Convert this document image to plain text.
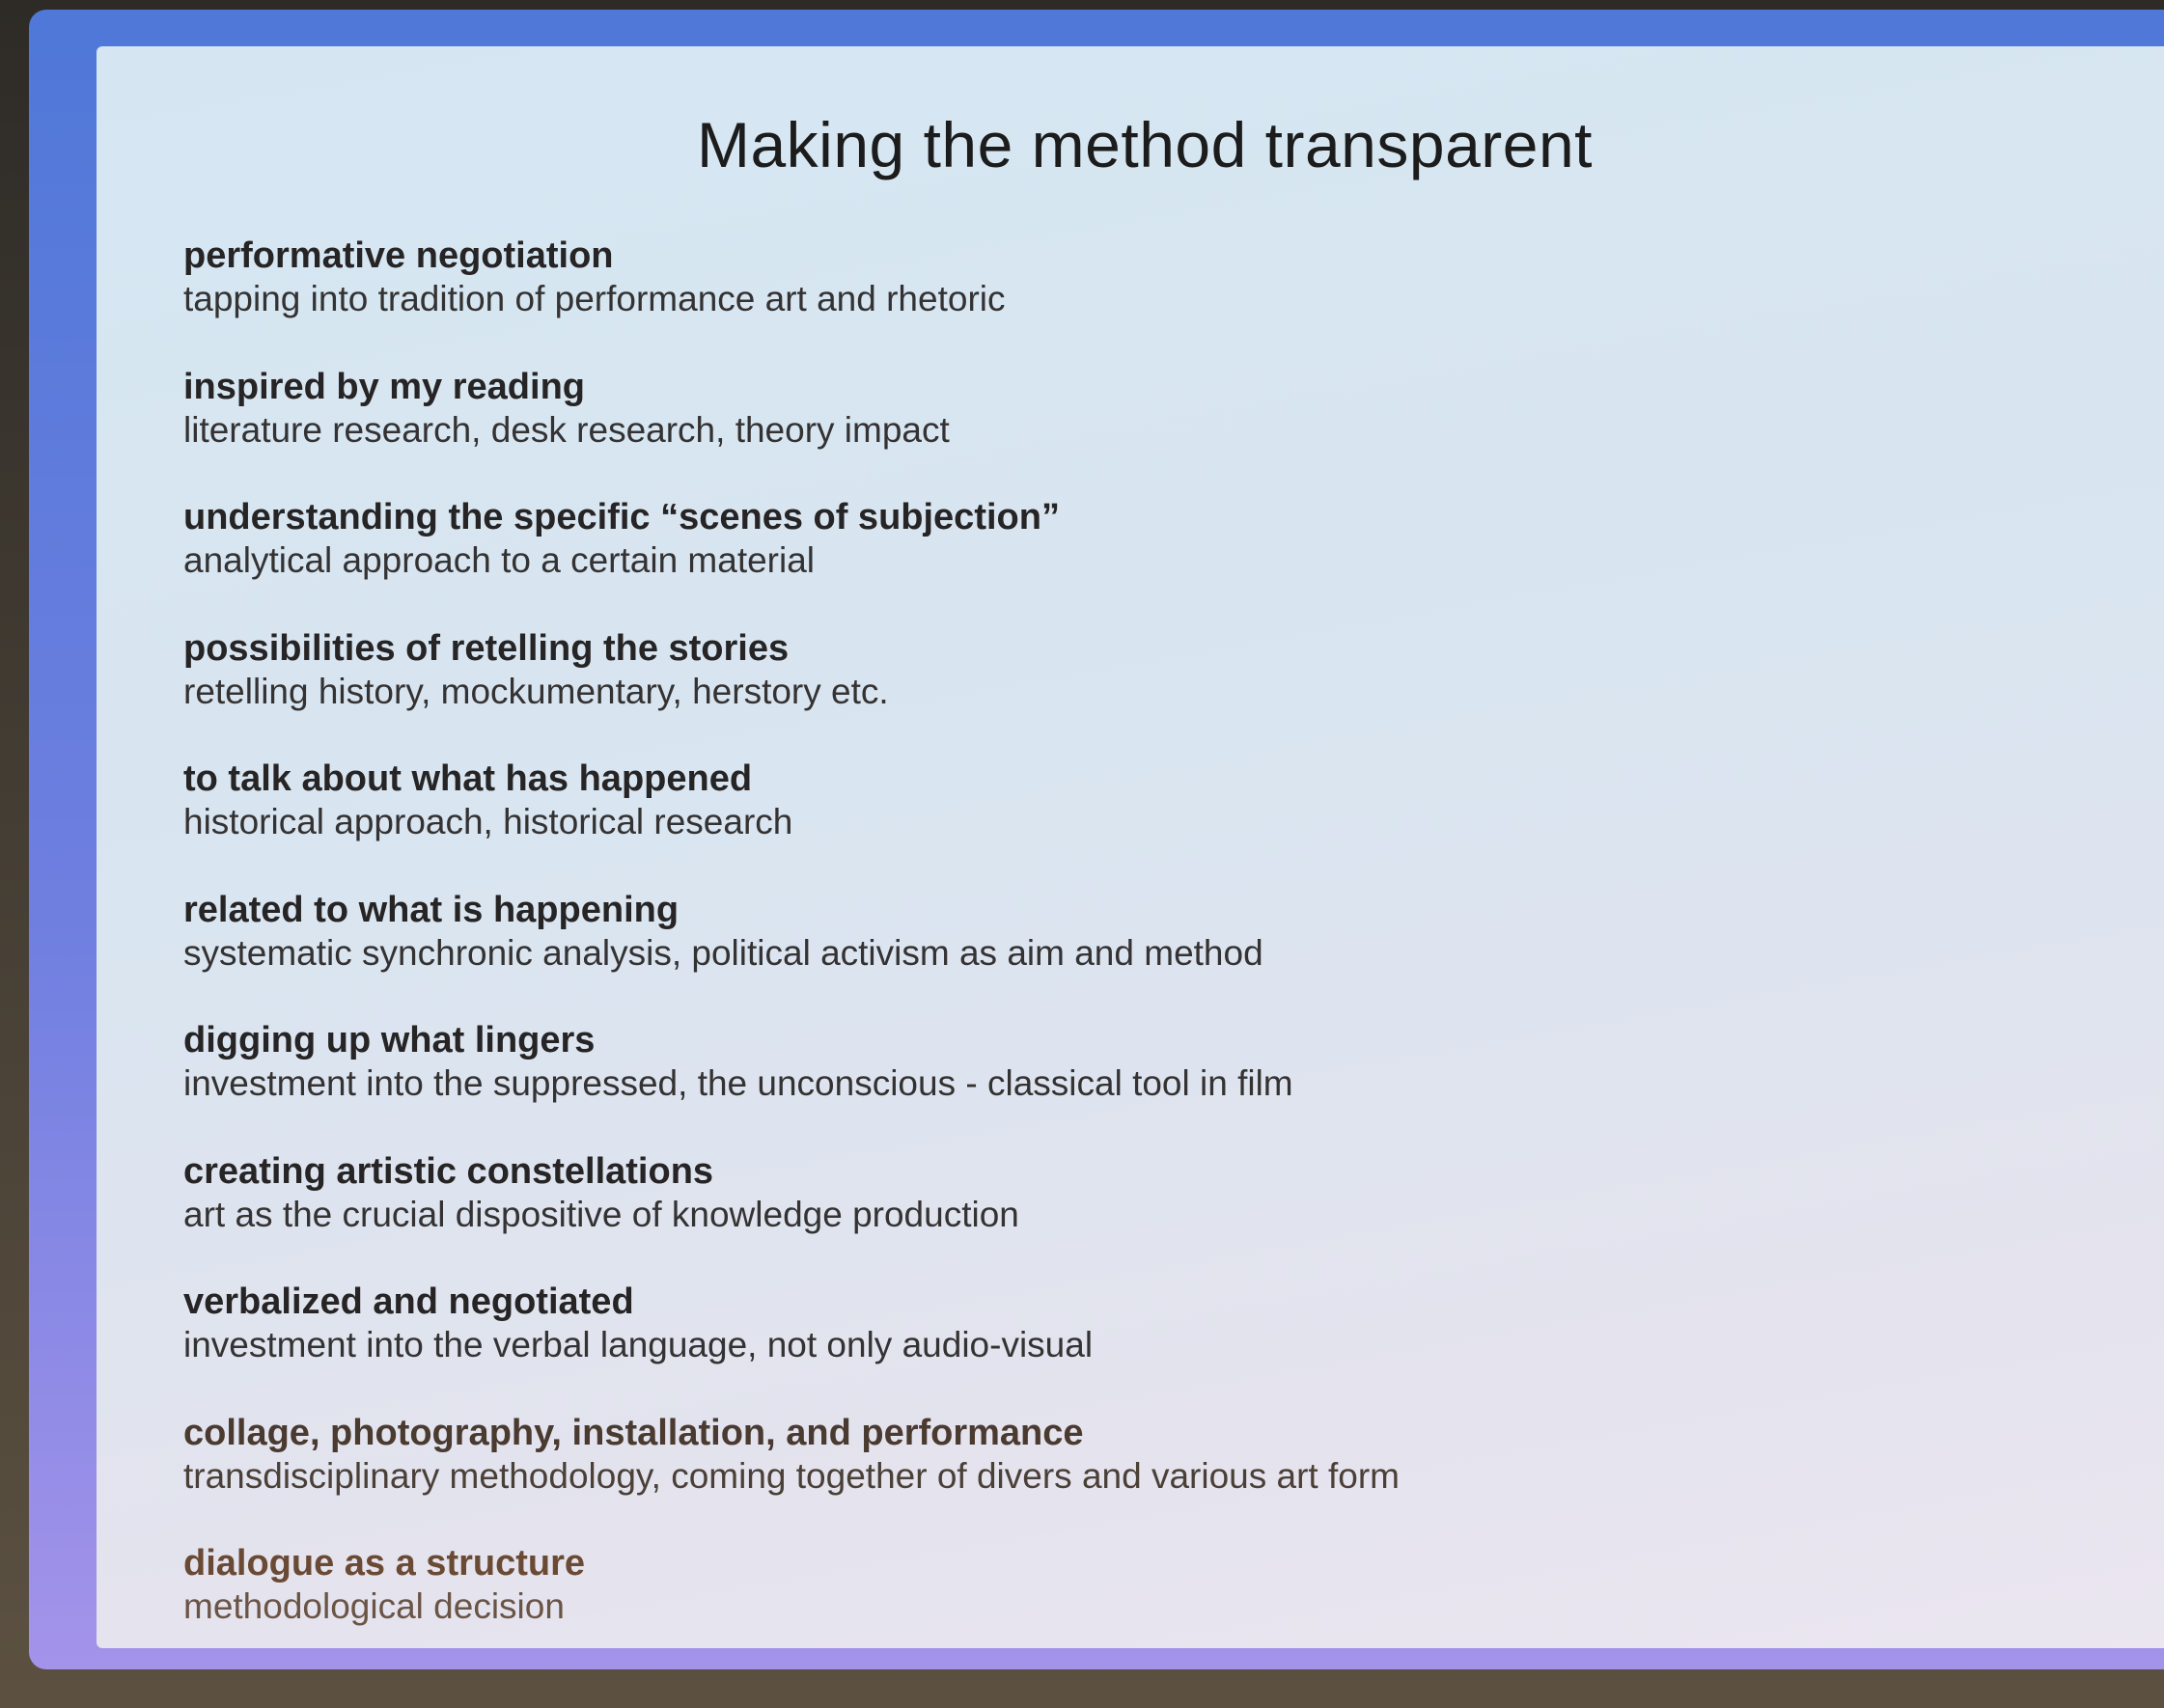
Making the method transparent
performative negotiation
tapping into tradition of performance art and rhetoric
inspired by my reading
literature research, desk research, theory impact
understanding the specific “scenes of subjection”
analytical approach to a certain material
possibilities of retelling the stories
retelling history, mockumentary, herstory etc.
to talk about what has happened
historical approach, historical research
related to what is happening
systematic synchronic analysis, political activism as aim and method
digging up what lingers
investment into the suppressed, the unconscious - classical tool in film
creating artistic constellations
art as the crucial dispositive of knowledge production
verbalized and negotiated
investment into the verbal language, not only audio-visual
collage, photography, installation, and performance
transdisciplinary methodology, coming together of divers and various art form
dialogue as a structure
methodological decision
